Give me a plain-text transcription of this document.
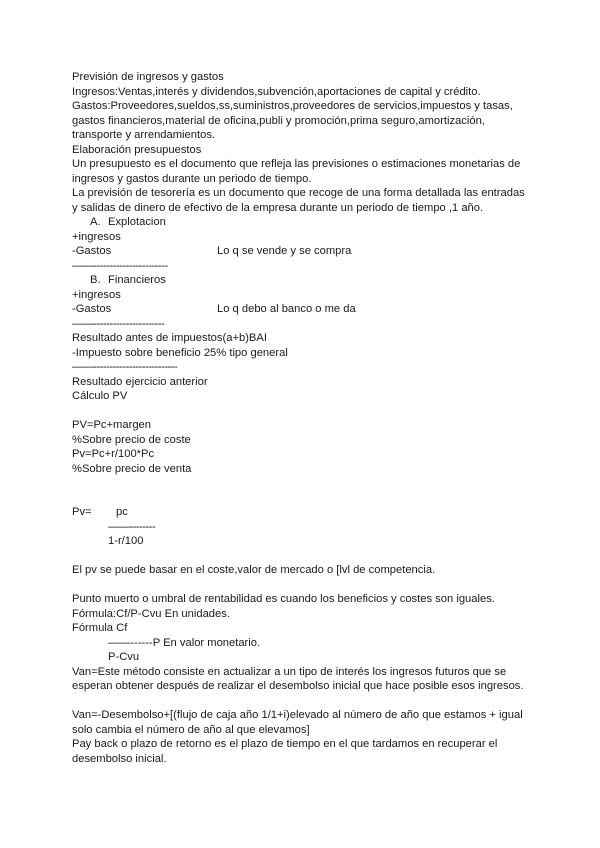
Previsión de ingresos y gastos
Ingresos:Ventas,interés y dividendos,subvención,aportaciones de capital y crédito.
Gastos:Proveedores,sueldos,ss,suministros,proveedores de servicios,impuestos y tasas, gastos financieros,material de oficina,publi y promoción,prima seguro,amortización, transporte y arrendamientos.
Elaboración presupuestos
Un presupuesto es el documento que refleja las previsiones o estimaciones monetarias de ingresos y gastos durante un periodo de tiempo.
La previsión de tesorería es un documento que recoge de una forma detallada las entradas y salidas de dinero de efectivo de la empresa durante un periodo de tiempo ,1 año.
A. Explotacion
+ingresos
-Gastos	Lo q se vende y se compra
——-----------------------
B. Financieros
+ingresos
-Gastos	Lo q debo al banco o me da
——----------------------
Resultado antes de impuestos(a+b)BAI
-Impuesto sobre beneficio 25% tipo general
——--------------------------
Resultado ejercicio anterior
Cálculo PV
PV=Pc+margen
%Sobre precio de coste
Pv=Pc+r/100*Pc
%Sobre precio de venta
Pv= pc
——--------
1-r/100
El pv se puede basar en el coste,valor de mercado o [lvl de competencia.
Punto muerto o umbral de rentabilidad es cuando los beneficios y costes son iguales.
Fórmula:Cf/P-Cvu En unidades.
Fórmula Cf
——------P En valor monetario.
P-Cvu
Van=Este método consiste en actualizar a un tipo de interés los ingresos futuros que se esperan obtener después de realizar el desembolso inicial que hace posible esos ingresos.
Van=-Desembolso+[(flujo de caja año 1/1+i)elevado al número de año que estamos + igual solo cambia el número de año al que elevamos]
Pay back o plazo de retorno es el plazo de tiempo en el que tardamos en recuperar el desembolso inicial.
